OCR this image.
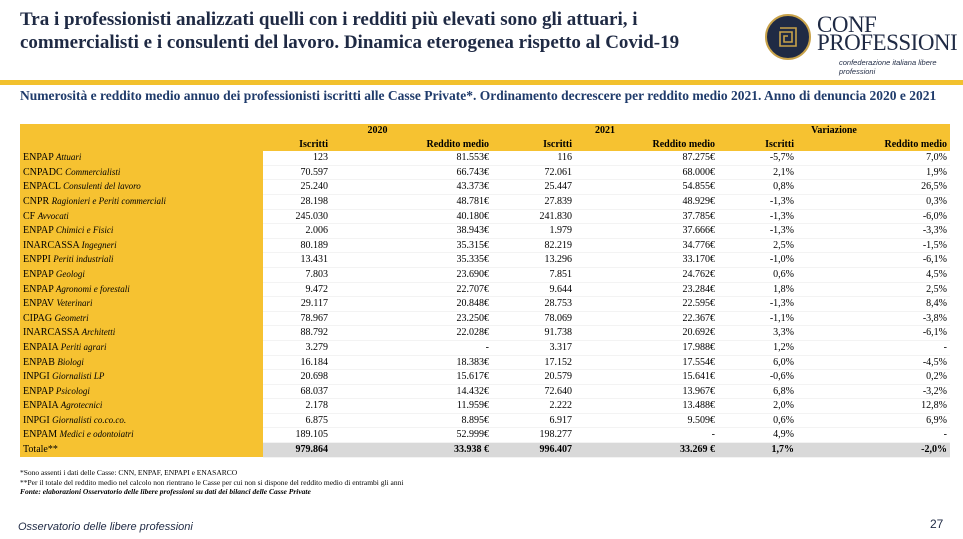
Tra i professionisti analizzati quelli con i redditi più elevati sono gli attuari, i commercialisti e i consulenti del lavoro. Dinamica eterogenea rispetto al Covid-19
CONF
PROFESSIONI
confederazione italiana libere professioni
Numerosità e reddito medio annuo dei professionisti iscritti alle Casse Private*. Ordinamento decrescere per reddito medio 2021. Anno di denuncia 2020 e 2021
	2020		2021		Variazione	
	Iscritti	Reddito medio	Iscritti	Reddito medio	Iscritti	Reddito medio
ENPAP Attuari	123	81.553€	116	87.275€	-5,7%	7,0%
CNPADC Commercialisti	70.597	66.743€	72.061	68.000€	2,1%	1,9%
ENPACL Consulenti del lavoro	25.240	43.373€	25.447	54.855€	0,8%	26,5%
CNPR Ragionieri e Periti commerciali	28.198	48.781€	27.839	48.929€	-1,3%	0,3%
CF Avvocati	245.030	40.180€	241.830	37.785€	-1,3%	-6,0%
ENPAP Chimici e Fisici	2.006	38.943€	1.979	37.666€	-1,3%	-3,3%
INARCASSA Ingegneri	80.189	35.315€	82.219	34.776€	2,5%	-1,5%
ENPPI Periti industriali	13.431	35.335€	13.296	33.170€	-1,0%	-6,1%
ENPAP Geologi	7.803	23.690€	7.851	24.762€	0,6%	4,5%
ENPAP Agronomi e forestali	9.472	22.707€	9.644	23.284€	1,8%	2,5%
ENPAV Veterinari	29.117	20.848€	28.753	22.595€	-1,3%	8,4%
CIPAG Geometri	78.967	23.250€	78.069	22.367€	-1,1%	-3,8%
INARCASSA Architetti	88.792	22.028€	91.738	20.692€	3,3%	-6,1%
ENPAIA Periti agrari	3.279	-	3.317	17.988€	1,2%	-
ENPAB Biologi	16.184	18.383€	17.152	17.554€	6,0%	-4,5%
INPGI Giornalisti LP	20.698	15.617€	20.579	15.641€	-0,6%	0,2%
ENPAP Psicologi	68.037	14.432€	72.640	13.967€	6,8%	-3,2%
ENPAIA Agrotecnici	2.178	11.959€	2.222	13.488€	2,0%	12,8%
INPGI Giornalisti co.co.co.	6.875	8.895€	6.917	9.509€	0,6%	6,9%
ENPAM Medici e odontoiatri	189.105	52.999€	198.277	-	4,9%	-
Totale**	979.864	33.938 €	996.407	33.269 €	1,7%	-2,0%
*Sono assenti i dati delle Casse: CNN, ENPAF, ENPAPI e ENASARCO
**Per il totale del reddito medio nel calcolo non rientrano le Casse per cui non si dispone del reddito medio di entrambi gli anni
Fonte: elaborazioni Osservatorio delle libere professioni su dati dei bilanci delle Casse Private
Osservatorio delle libere professioni	27
